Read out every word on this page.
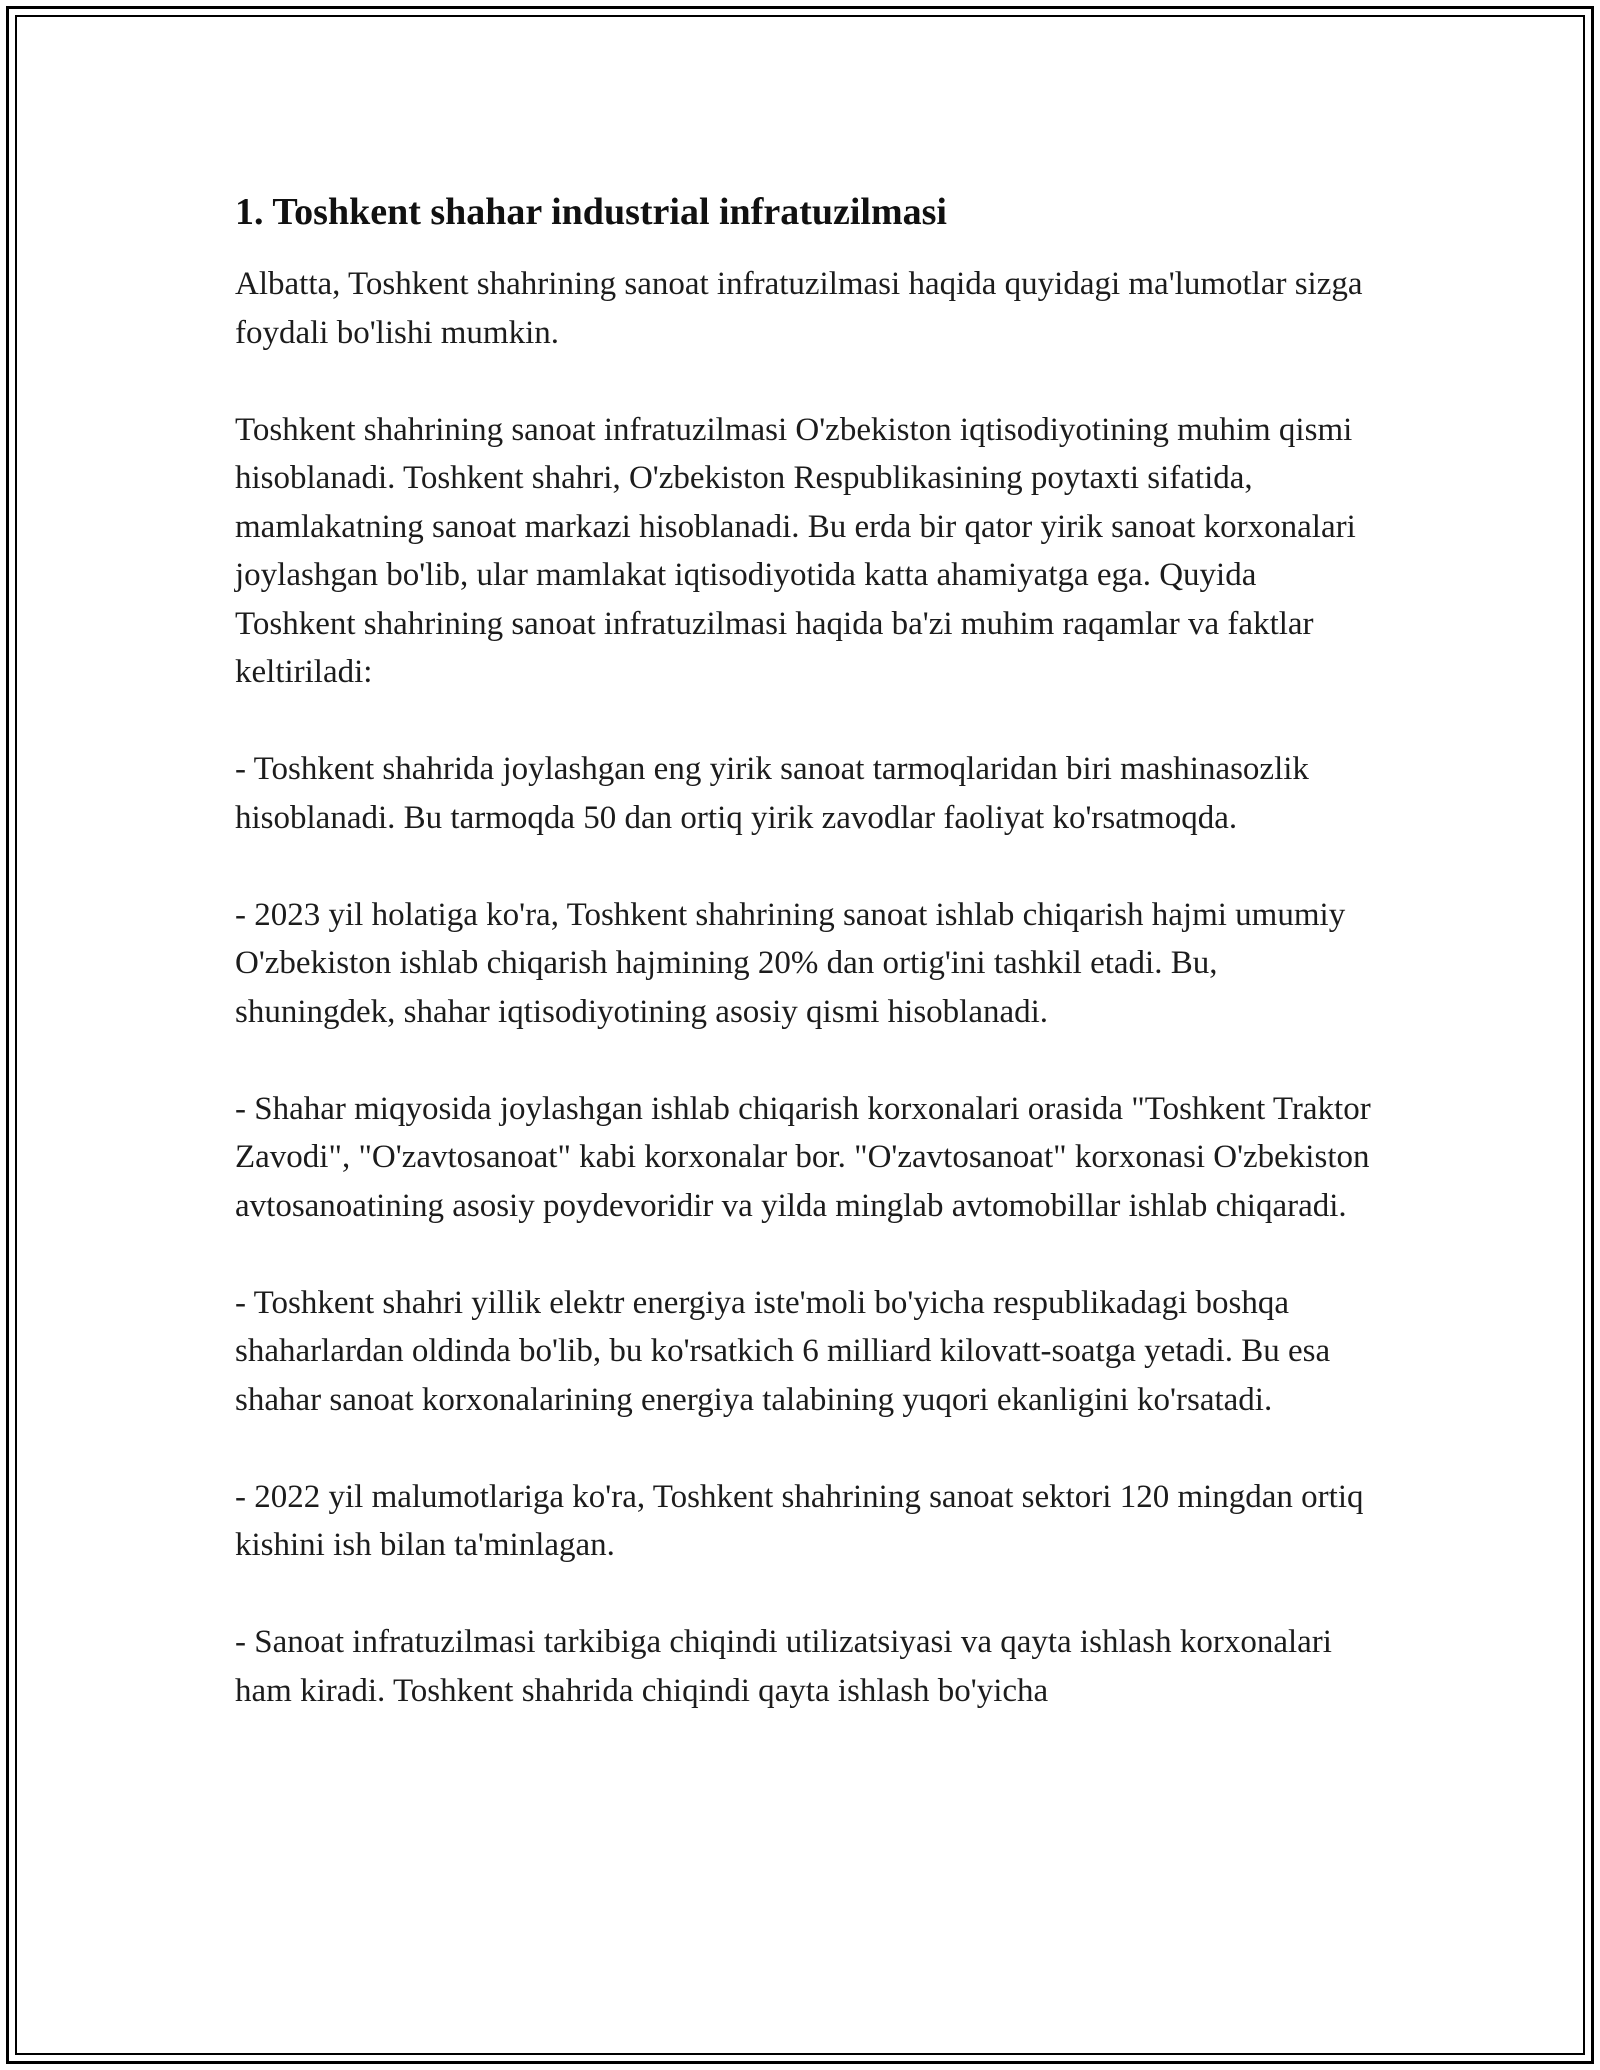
1. Toshkent shahar industrial infratuzilmasi

Albatta, Toshkent shahrining sanoat infratuzilmasi haqida quyidagi ma'lumotlar sizga foydali bo'lishi mumkin.

Toshkent shahrining sanoat infratuzilmasi O'zbekiston iqtisodiyotining muhim qismi hisoblanadi. Toshkent shahri, O'zbekiston Respublikasining poytaxti sifatida, mamlakatning sanoat markazi hisoblanadi. Bu erda bir qator yirik sanoat korxonalari joylashgan bo'lib, ular mamlakat iqtisodiyotida katta ahamiyatga ega. Quyida Toshkent shahrining sanoat infratuzilmasi haqida ba'zi muhim raqamlar va faktlar keltiriladi:

- Toshkent shahrida joylashgan eng yirik sanoat tarmoqlaridan biri mashinasozlik hisoblanadi. Bu tarmoqda 50 dan ortiq yirik zavodlar faoliyat ko'rsatmoqda.

- 2023 yil holatiga ko'ra, Toshkent shahrining sanoat ishlab chiqarish hajmi umumiy O'zbekiston ishlab chiqarish hajmining 20% dan ortig'ini tashkil etadi. Bu, shuningdek, shahar iqtisodiyotining asosiy qismi hisoblanadi.

- Shahar miqyosida joylashgan ishlab chiqarish korxonalari orasida "Toshkent Traktor Zavodi", "O'zavtosanoat" kabi korxonalar bor. "O'zavtosanoat" korxonasi O'zbekiston avtosanoatining asosiy poydevoridir va yilda minglab avtomobillar ishlab chiqaradi.

- Toshkent shahri yillik elektr energiya iste'moli bo'yicha respublikadagi boshqa shaharlardan oldinda bo'lib, bu ko'rsatkich 6 milliard kilovatt-soatga yetadi. Bu esa shahar sanoat korxonalarining energiya talabining yuqori ekanligini ko'rsatadi.

- 2022 yil malumotlariga ko'ra, Toshkent shahrining sanoat sektori 120 mingdan ortiq kishini ish bilan ta'minlagan.

- Sanoat infratuzilmasi tarkibiga chiqindi utilizatsiyasi va qayta ishlash korxonalari ham kiradi. Toshkent shahrida chiqindi qayta ishlash bo'yicha
